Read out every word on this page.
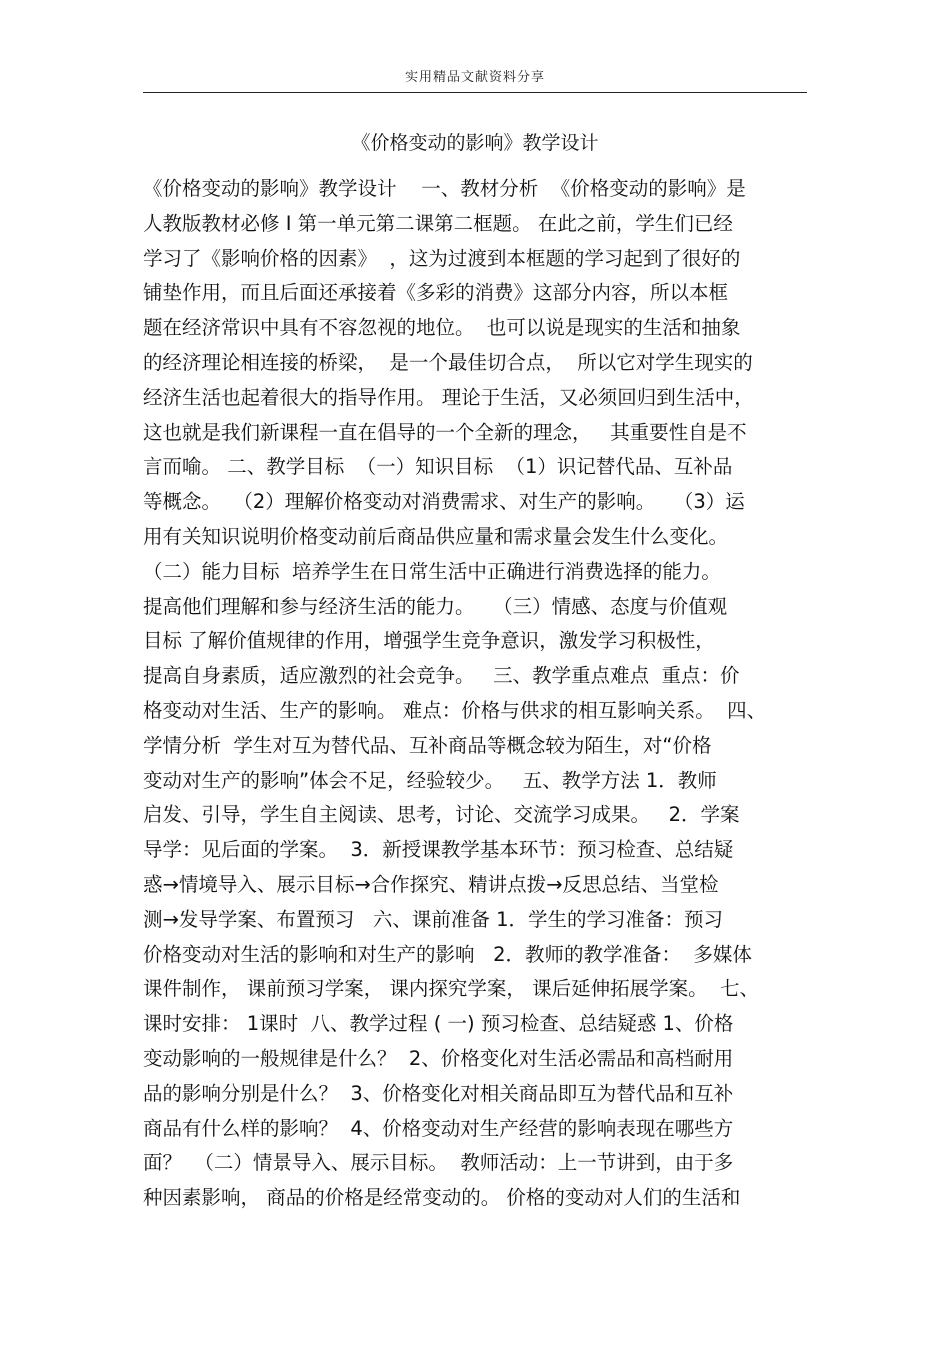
实用精品文献资料分享
《价格变动的影响》教学设计
《价格变动的影响》教学设计    一、教材分析  《价格变动的影响》是
人教版教材必修 Ⅰ 第一单元第二课第二框题。 在此之前，学生们已经
学习了《影响价格的因素》  ，这为过渡到本框题的学习起到了很好的
铺垫作用，而且后面还承接着《多彩的消费》这部分内容，所以本框
题在经济常识中具有不容忽视的地位。  也可以说是现实的生活和抽象
的经济理论相连接的桥梁，  是一个最佳切合点，  所以它对学生现实的
经济生活也起着很大的指导作用。 理论于生活，又必须回归到生活中，
这也就是我们新课程一直在倡导的一个全新的理念，   其重要性自是不
言而喻。 二、教学目标  （一）知识目标  （1）识记替代品、互补品
等概念。  （2）理解价格变动对消费需求、对生产的影响。   （3）运
用有关知识说明价格变动前后商品供应量和需求量会发生什么变化。
（二）能力目标  培养学生在日常生活中正确进行消费选择的能力。
提高他们理解和参与经济生活的能力。   （三）情感、态度与价值观
目标 了解价值规律的作用，增强学生竞争意识，激发学习积极性，
提高自身素质，适应激烈的社会竞争。   三、教学重点难点  重点：价
格变动对生活、生产的影响。 难点：价格与供求的相互影响关系。  四、
学情分析  学生对互为替代品、互补商品等概念较为陌生，对“价格
变动对生产的影响”体会不足，经验较少。   五、教学方法 1．教师
启发、引导，学生自主阅读、思考，讨论、交流学习成果。   2．学案
导学：见后面的学案。  3．新授课教学基本环节：预习检查、总结疑
惑→情境导入、展示目标→合作探究、精讲点拨→反思总结、当堂检
测→发导学案、布置预习   六、课前准备 1．学生的学习准备：预习
价格变动对生活的影响和对生产的影响   2．教师的教学准备：  多媒体
课件制作， 课前预习学案， 课内探究学案， 课后延伸拓展学案。  七、
课时安排： 1课时  八、教学过程 ( 一) 预习检查、总结疑惑 1、价格
变动影响的一般规律是什么？  2、价格变化对生活必需品和高档耐用
品的影响分别是什么？  3、价格变化对相关商品即互为替代品和互补
商品有什么样的影响？  4、价格变动对生产经营的影响表现在哪些方
面？  （二）情景导入、展示目标。  教师活动：上一节讲到，由于多
种因素影响， 商品的价格是经常变动的。 价格的变动对人们的生活和
